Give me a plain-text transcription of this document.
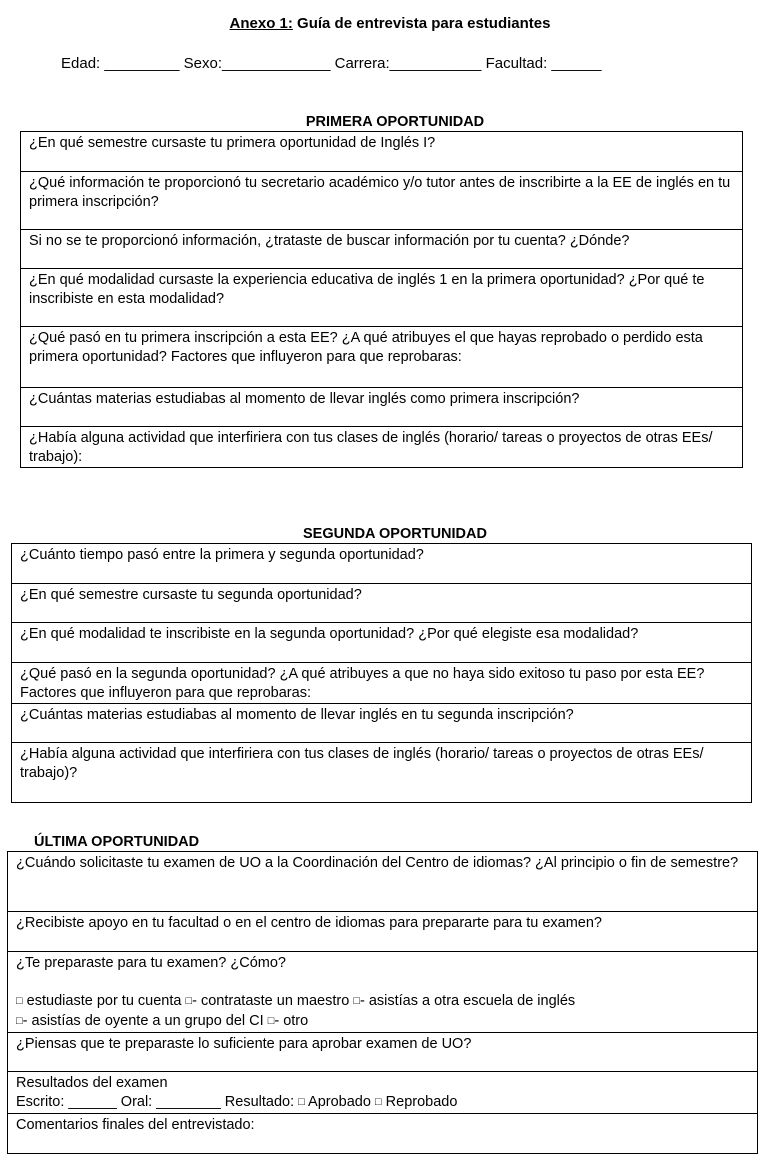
Anexo 1: Guía de entrevista para estudiantes
Edad: _________ Sexo:_____________ Carrera:___________ Facultad: ______
PRIMERA OPORTUNIDAD
¿En qué semestre cursaste tu primera oportunidad de Inglés I?
¿Qué información te proporcionó tu secretario académico y/o tutor antes de inscribirte a la EE de inglés en tu primera inscripción?
Si no se te proporcionó información, ¿trataste de buscar información por tu cuenta? ¿Dónde?
¿En qué modalidad cursaste la experiencia educativa de inglés 1 en la primera oportunidad? ¿Por qué te inscribiste en esta modalidad?
¿Qué pasó en tu primera inscripción a esta EE? ¿A qué atribuyes el que hayas reprobado o perdido esta primera oportunidad? Factores que influyeron para que reprobaras:
¿Cuántas materias estudiabas al momento de llevar inglés como primera inscripción?
¿Había alguna actividad que interfiriera con tus clases de inglés (horario/ tareas o proyectos de otras EEs/ trabajo):
SEGUNDA OPORTUNIDAD
¿Cuánto tiempo pasó entre la primera y segunda oportunidad?
¿En qué semestre cursaste tu segunda oportunidad?
¿En qué modalidad te inscribiste en la segunda oportunidad? ¿Por qué elegiste esa modalidad?
¿Qué pasó en la segunda oportunidad? ¿A qué atribuyes a que no haya sido exitoso tu paso por esta EE? Factores que influyeron para que reprobaras:
¿Cuántas materias estudiabas al momento de llevar inglés en tu segunda inscripción?
¿Había alguna actividad que interfiriera con tus clases de inglés (horario/ tareas o proyectos de otras EEs/ trabajo)?
ÚLTIMA OPORTUNIDAD
¿Cuándo solicitaste tu examen de UO a la Coordinación del Centro de idiomas? ¿Al principio o fin de semestre?
¿Recibiste apoyo en tu facultad o en el centro de idiomas para prepararte para tu examen?

¿Te preparaste para tu examen? ¿Cómo?
□ estudiaste por tu cuenta □- contrataste un maestro □- asistías a otra escuela de inglés
□- asistías de oyente a un grupo del CI □- otro

¿Piensas que te preparaste lo suficiente para aprobar examen de UO?

Resultados del examen
Escrito: ______ Oral: ________ Resultado: □ Aprobado □ Reprobado

Comentarios finales del entrevistado:
